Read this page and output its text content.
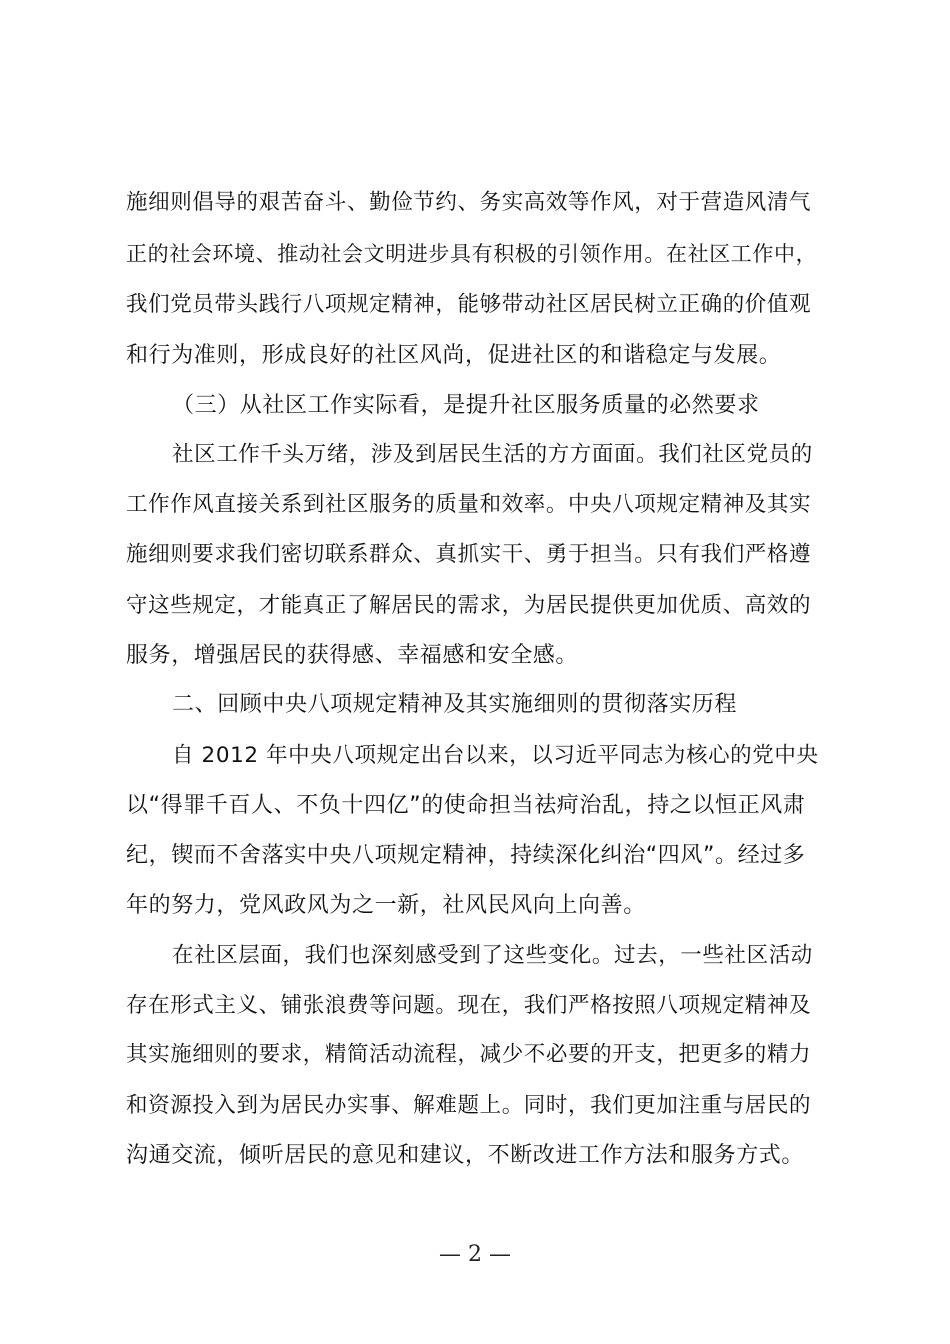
施细则倡导的艰苦奋斗、勤俭节约、务实高效等作风，对于营造风清气
正的社会环境、推动社会文明进步具有积极的引领作用。在社区工作中，
我们党员带头践行八项规定精神，能够带动社区居民树立正确的价值观
和行为准则，形成良好的社区风尚，促进社区的和谐稳定与发展。
（三）从社区工作实际看，是提升社区服务质量的必然要求
社区工作千头万绪，涉及到居民生活的方方面面。我们社区党员的
工作作风直接关系到社区服务的质量和效率。中央八项规定精神及其实
施细则要求我们密切联系群众、真抓实干、勇于担当。只有我们严格遵
守这些规定，才能真正了解居民的需求，为居民提供更加优质、高效的
服务，增强居民的获得感、幸福感和安全感。
二、回顾中央八项规定精神及其实施细则的贯彻落实历程
自 2012 年中央八项规定出台以来，以习近平同志为核心的党中央
以“得罪千百人、不负十四亿”的使命担当祛疴治乱，持之以恒正风肃
纪，锲而不舍落实中央八项规定精神，持续深化纠治“四风”。经过多
年的努力，党风政风为之一新，社风民风向上向善。
在社区层面，我们也深刻感受到了这些变化。过去，一些社区活动
存在形式主义、铺张浪费等问题。现在，我们严格按照八项规定精神及
其实施细则的要求，精简活动流程，减少不必要的开支，把更多的精力
和资源投入到为居民办实事、解难题上。同时，我们更加注重与居民的
沟通交流，倾听居民的意见和建议，不断改进工作方法和服务方式。
— 2 —
